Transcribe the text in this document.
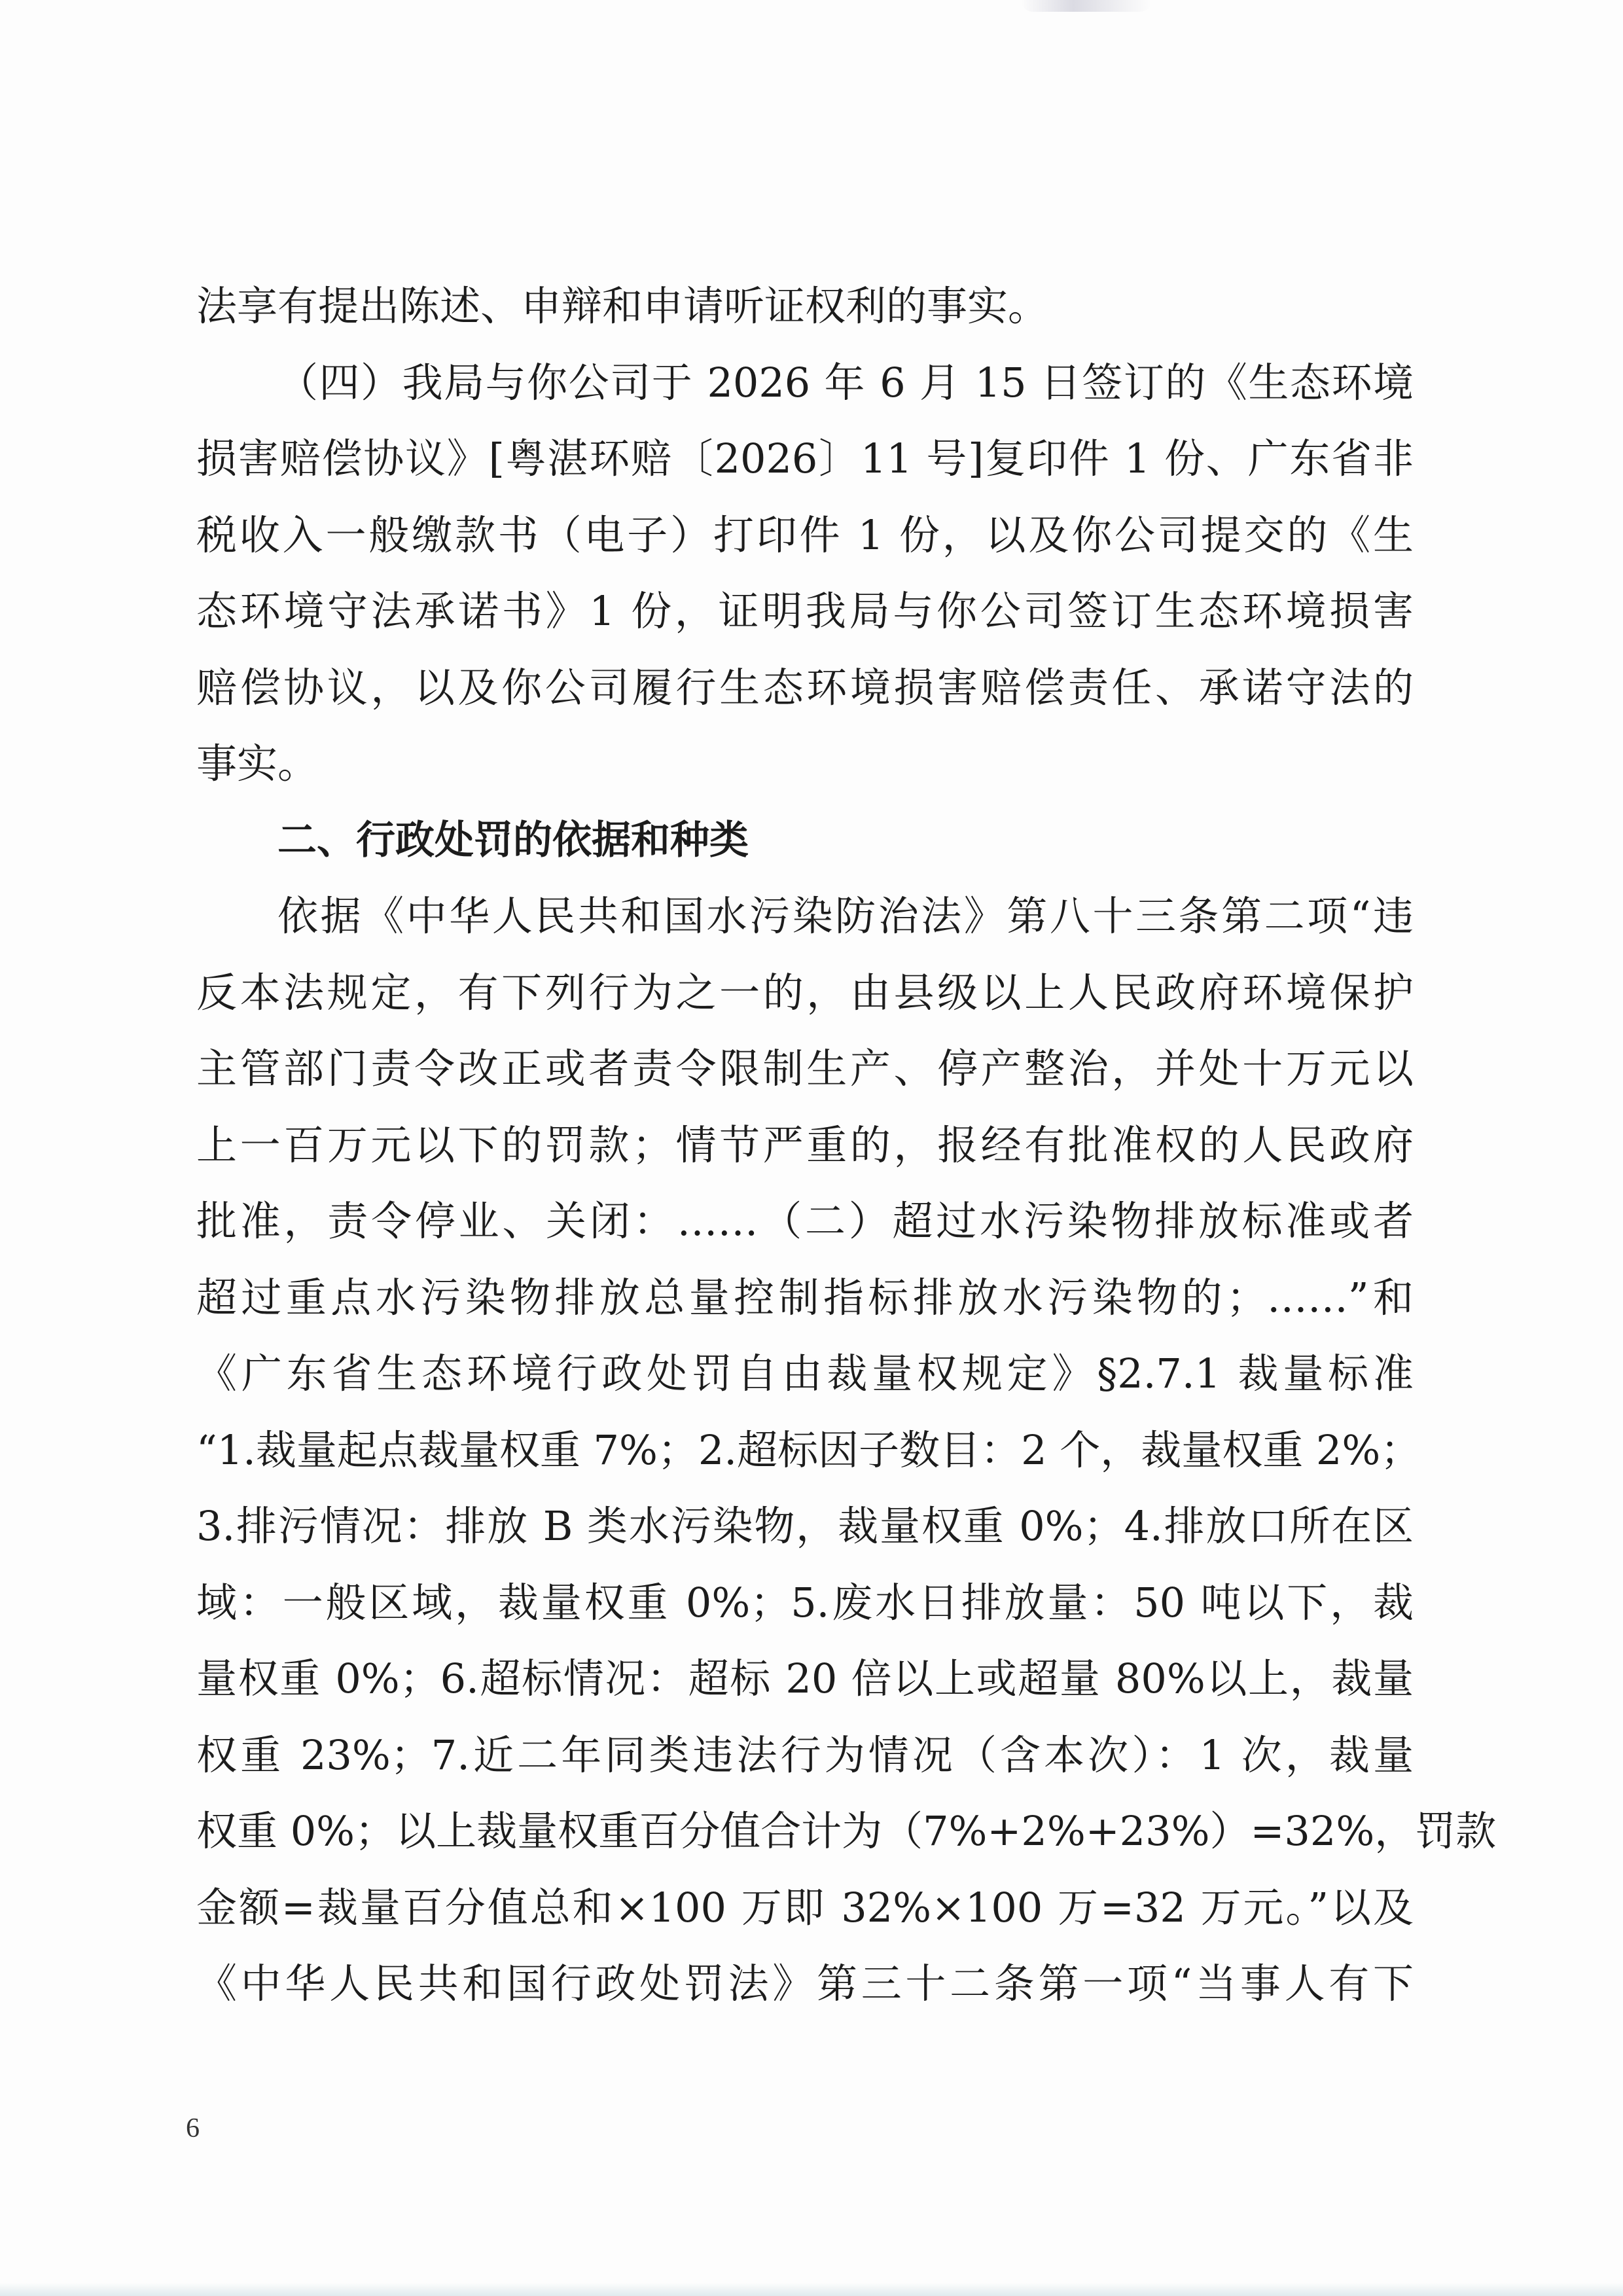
法享有提出陈述、申辩和申请听证权利的事实。
（四）我局与你公司于 2026 年 6 月 15 日签订的《生态环境
损害赔偿协议》[粤湛环赔〔2026〕11 号]复印件 1 份、广东省非
税收入一般缴款书（电子）打印件 1 份，以及你公司提交的《生
态环境守法承诺书》1 份，证明我局与你公司签订生态环境损害
赔偿协议，以及你公司履行生态环境损害赔偿责任、承诺守法的
事实。
二、行政处罚的依据和种类
依据《中华人民共和国水污染防治法》第八十三条第二项“违
反本法规定，有下列行为之一的，由县级以上人民政府环境保护
主管部门责令改正或者责令限制生产、停产整治，并处十万元以
上一百万元以下的罚款；情节严重的，报经有批准权的人民政府
批准，责令停业、关闭：……（二）超过水污染物排放标准或者
超过重点水污染物排放总量控制指标排放水污染物的；……”和
《广东省生态环境行政处罚自由裁量权规定》§2.7.1 裁量标准
“1.裁量起点裁量权重 7%；2.超标因子数目：2 个，裁量权重 2%；
3.排污情况：排放 B 类水污染物，裁量权重 0%；4.排放口所在区
域：一般区域，裁量权重 0%；5.废水日排放量：50 吨以下，裁
量权重 0%；6.超标情况：超标 20 倍以上或超量 80%以上，裁量
权重 23%；7.近二年同类违法行为情况（含本次）：1 次，裁量
权重 0%；以上裁量权重百分值合计为（7%+2%+23%）=32%，罚款
金额=裁量百分值总和×100 万即 32%×100 万=32 万元。”以及
《中华人民共和国行政处罚法》第三十二条第一项“当事人有下
6
